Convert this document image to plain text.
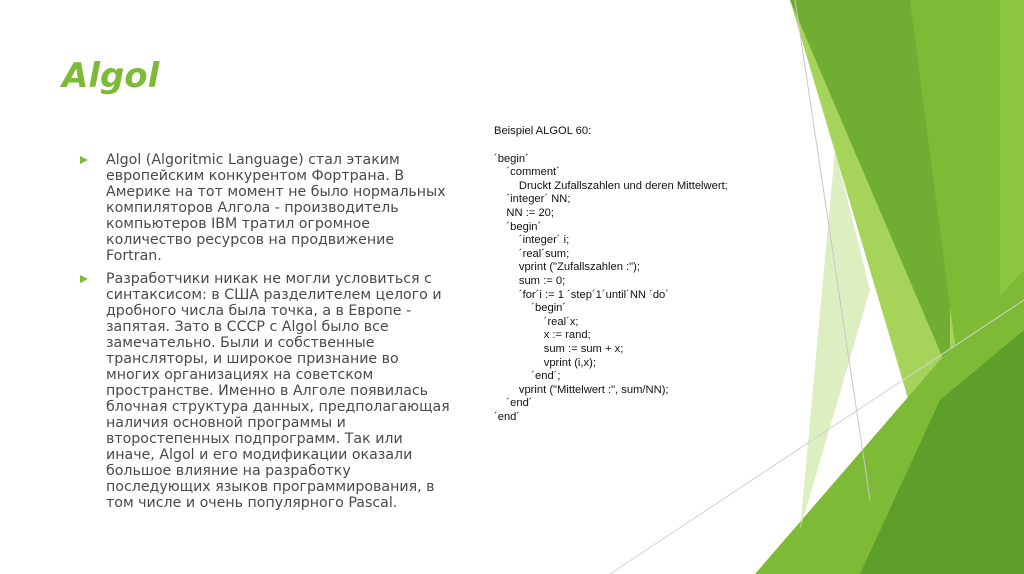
Algol
Algol (Algoritmic Language) стал этаким европейским конкурентом Фортрана. В Америке на тот момент не было нормальных компиляторов Алгола - производитель компьютеров IBM тратил огромное количество ресурсов на продвижение Fortran.
Разработчики никак не могли условиться с синтаксисом: в США разделителем целого и дробного числа была точка, а в Европе - запятая. Зато в СССР с Algol было все замечательно. Были и собственные трансляторы, и широкое признание во многих организациях на советском пространстве. Именно в Алголе появилась блочная структура данных, предполагающая наличия основной программы и второстепенных подпрограмм. Так или иначе, Algol и его модификации оказали большое влияние на разработку последующих языков программирования, в том числе и очень популярного Pascal.
Beispiel ALGOL 60:
´begin´
´comment´
Druckt Zufallszahlen und deren Mittelwert;
´integer´ NN;
NN := 20;
´begin´
´integer´ i;
´real´sum;
vprint ("Zufallszahlen :");
sum := 0;
´for´i := 1 ´step´1´until´NN ´do´
´begin´
´real´x;
x := rand;
sum := sum + x;
vprint (i,x);
´end´;
vprint ("Mittelwert :", sum/NN);
´end´
´end´
